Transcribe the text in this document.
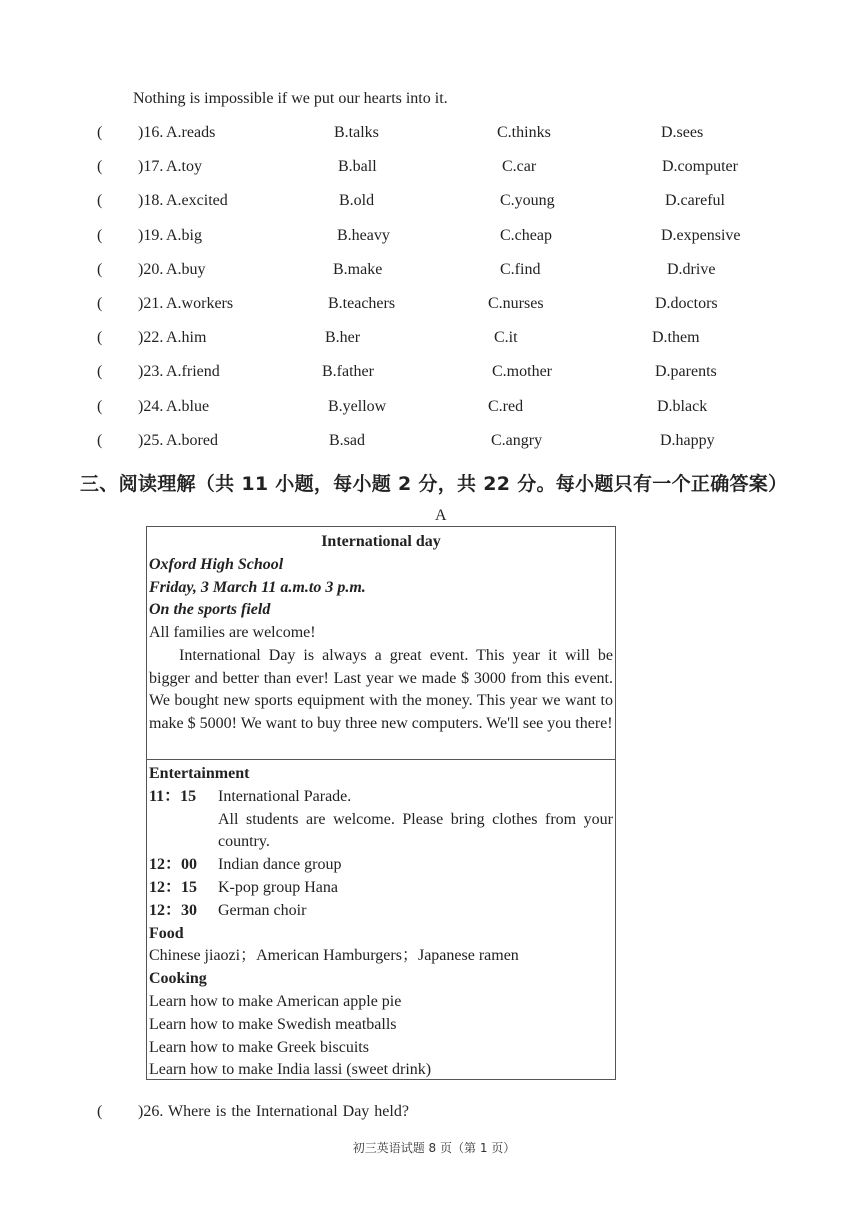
Nothing is impossible if we put our hearts into it.
( )16. A.reads	B.talks	C.thinks	D.sees
( )17. A.toy	B.ball	C.car	D.computer
( )18. A.excited	B.old	C.young	D.careful
( )19. A.big	B.heavy	C.cheap	D.expensive
( )20. A.buy	B.make	C.find	D.drive
( )21. A.workers	B.teachers	C.nurses	D.doctors
( )22. A.him	B.her	C.it	D.them
( )23. A.friend	B.father	C.mother	D.parents
( )24. A.blue	B.yellow	C.red	D.black
( )25. A.bored	B.sad	C.angry	D.happy
三、阅读理解（共 11 小题，每小题 2 分，共 22 分。每小题只有一个正确答案）
A
International day
Oxford High School
Friday, 3 March 11 a.m.to 3 p.m.
On the sports field
All families are welcome!

International Day is always a great event. This year it will be bigger and better than ever! Last year we made $ 3000 from this event. We bought new sports equipment with the money. This year we want to make $ 5000! We want to buy three new computers. We'll see you there!

Entertainment
11：15	International Parade.
All students are welcome. Please bring clothes from your country.
12：00	Indian dance group
12：15	K-pop group Hana
12：30	German choir
Food
Chinese jiaozi；American Hamburgers；Japanese ramen
Cooking
Learn how to make American apple pie
Learn how to make Swedish meatballs
Learn how to make Greek biscuits
Learn how to make India lassi (sweet drink)
( )26. Where is the International Day held?
初三英语试题 8 页（第 1 页）
